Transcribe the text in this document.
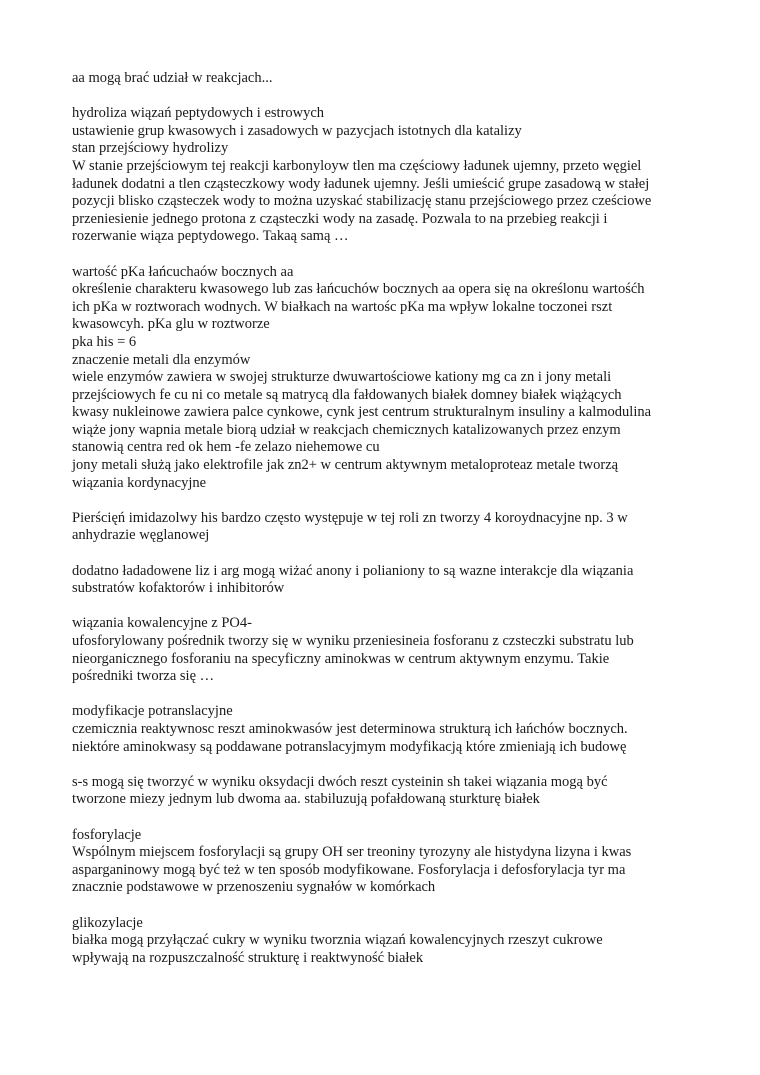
aa mogą brać udział w reakcjach...

hydroliza wiązań peptydowych i estrowych
ustawienie grup kwasowych i zasadowych w pazycjach istotnych dla katalizy
stan przejściowy hydrolizy
W stanie przejściowym tej reakcji karbonyloyw tlen ma częściowy ładunek ujemny, przeto węgiel
ładunek dodatni a tlen cząsteczkowy wody ładunek ujemny. Jeśli umieścić grupe zasadową w stałej
pozycji blisko cząsteczek wody to można uzyskać stabilizację stanu przejściowego przez cześciowe
przeniesienie jednego protona z cząsteczki wody na zasadę. Pozwala to na przebieg reakcji i
rozerwanie wiąza peptydowego. Takaą samą …

wartość pKa łańcuchaów bocznych aa
określenie charakteru kwasowego lub zas łańcuchów bocznych aa opera się na określonu wartośćh
ich pKa w roztworach wodnych. W białkach na wartośc pKa ma wpływ lokalne toczonei rszt
kwasowcyh. pKa glu w roztworze
pka his = 6
znaczenie metali dla enzymów
wiele enzymów zawiera w swojej strukturze dwuwartościowe kationy mg ca zn i jony metali
przejściowych fe cu ni co metale są matrycą dla fałdowanych białek domney białek wiążących
kwasy nukleinowe zawiera palce cynkowe, cynk jest centrum strukturalnym insuliny a kalmodulina
wiąże jony wapnia metale biorą udział w reakcjach chemicznych katalizowanych przez enzym
stanowią centra red ok hem -fe zelazo niehemowe cu
jony metali służą jako elektrofile jak zn2+ w centrum aktywnym metaloproteaz metale tworzą
wiązania kordynacyjne

Pierścięń imidazolwy his bardzo często występuje w tej roli zn tworzy 4 koroydnacyjne np. 3 w
anhydrazie węglanowej

dodatno ładadowene liz i arg mogą wiżać anony i polianiony to są wazne interakcje dla wiązania
substratów kofaktorów i inhibitorów

wiązania kowalencyjne z PO4-
ufosforylowany pośrednik tworzy się w wyniku przeniesineia fosforanu z czsteczki substratu lub
nieorganicznego fosforaniu na specyficzny aminokwas w centrum aktywnym enzymu. Takie
pośredniki tworza się …

modyfikacje potranslacyjne
czemicznia reaktywnosc reszt aminokwasów jest determinowa strukturą ich łańchów bocznych.
niektóre aminokwasy są poddawane potranslacyjmym modyfikacją które zmieniają ich budowę

s-s mogą się tworzyć w wyniku oksydacji dwóch reszt cysteinin sh takei wiązania mogą być
tworzone miezy jednym lub dwoma aa. stabiluzują pofałdowaną sturkturę białek

fosforylacje
Wspólnym miejscem fosforylacji są grupy OH ser treoniny tyrozyny ale histydyna lizyna i kwas
asparganinowy mogą być też w ten sposób modyfikowane. Fosforylacja i defosforylacja tyr ma
znacznie podstawowe w przenoszeniu sygnałów w komórkach

glikozylacje
białka mogą przyłączać cukry w wyniku tworznia wiązań kowalencyjnych rzeszyt cukrowe
wpływają na rozpuszczalność strukturę i reaktwyność białek
